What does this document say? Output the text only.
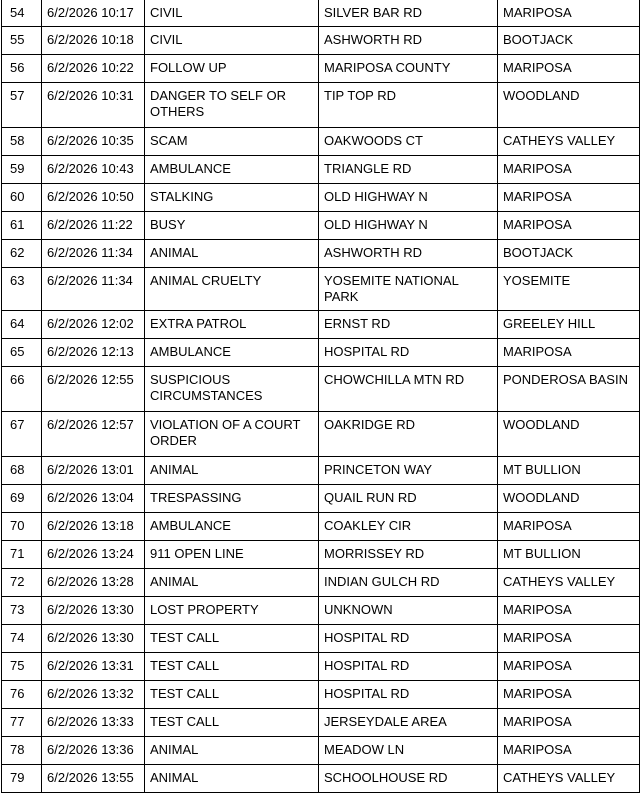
54	6/2/2026 10:17	CIVIL	SILVER BAR RD	MARIPOSA
55	6/2/2026 10:18	CIVIL	ASHWORTH RD	BOOTJACK
56	6/2/2026 10:22	FOLLOW UP	MARIPOSA COUNTY	MARIPOSA
57	6/2/2026 10:31	DANGER TO SELF OR OTHERS	TIP TOP RD	WOODLAND
58	6/2/2026 10:35	SCAM	OAKWOODS CT	CATHEYS VALLEY
59	6/2/2026 10:43	AMBULANCE	TRIANGLE RD	MARIPOSA
60	6/2/2026 10:50	STALKING	OLD HIGHWAY N	MARIPOSA
61	6/2/2026 11:22	BUSY	OLD HIGHWAY N	MARIPOSA
62	6/2/2026 11:34	ANIMAL	ASHWORTH RD	BOOTJACK
63	6/2/2026 11:34	ANIMAL CRUELTY	YOSEMITE NATIONAL PARK	YOSEMITE
64	6/2/2026 12:02	EXTRA PATROL	ERNST RD	GREELEY HILL
65	6/2/2026 12:13	AMBULANCE	HOSPITAL RD	MARIPOSA
66	6/2/2026 12:55	SUSPICIOUS CIRCUMSTANCES	CHOWCHILLA MTN RD	PONDEROSA BASIN
67	6/2/2026 12:57	VIOLATION OF A COURT ORDER	OAKRIDGE RD	WOODLAND
68	6/2/2026 13:01	ANIMAL	PRINCETON WAY	MT BULLION
69	6/2/2026 13:04	TRESPASSING	QUAIL RUN RD	WOODLAND
70	6/2/2026 13:18	AMBULANCE	COAKLEY CIR	MARIPOSA
71	6/2/2026 13:24	911 OPEN LINE	MORRISSEY RD	MT BULLION
72	6/2/2026 13:28	ANIMAL	INDIAN GULCH RD	CATHEYS VALLEY
73	6/2/2026 13:30	LOST PROPERTY	UNKNOWN	MARIPOSA
74	6/2/2026 13:30	TEST CALL	HOSPITAL RD	MARIPOSA
75	6/2/2026 13:31	TEST CALL	HOSPITAL RD	MARIPOSA
76	6/2/2026 13:32	TEST CALL	HOSPITAL RD	MARIPOSA
77	6/2/2026 13:33	TEST CALL	JERSEYDALE AREA	MARIPOSA
78	6/2/2026 13:36	ANIMAL	MEADOW LN	MARIPOSA
79	6/2/2026 13:55	ANIMAL	SCHOOLHOUSE RD	CATHEYS VALLEY
